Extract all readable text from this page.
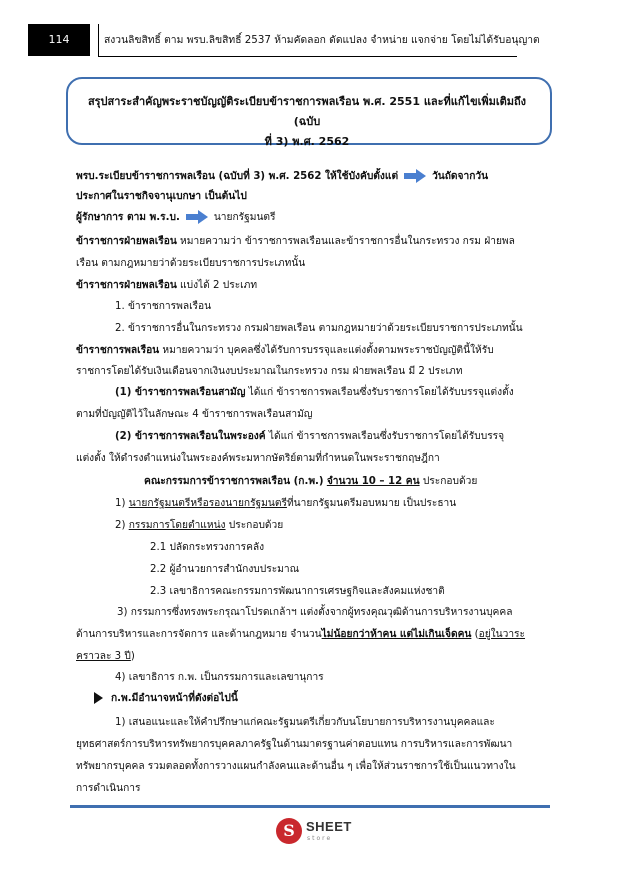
114	สงวนลิขสิทธิ์ ตาม พรบ.ลิขสิทธิ์ 2537 ห้ามคัดลอก ดัดแปลง จำหน่าย แจกจ่าย โดยไม่ได้รับอนุญาต
สรุปสาระสำคัญพระราชบัญญัติระเบียบข้าราชการพลเรือน พ.ศ. 2551 และที่แก้ไขเพิ่มเติมถึง (ฉบับ
ที่ 3) พ.ศ. 2562
พรบ.ระเบียบข้าราชการพลเรือน (ฉบับที่ 3) พ.ศ. 2562 ให้ใช้บังคับตั้งแต่	วันถัดจากวัน
ประกาศในราชกิจจานุเบกษา เป็นต้นไป
ผู้รักษาการ ตาม พ.ร.บ.	นายกรัฐมนตรี
ข้าราชการฝ่ายพลเรือน หมายความว่า ข้าราชการพลเรือนและข้าราชการอื่นในกระทรวง กรม ฝ่ายพล
เรือน ตามกฎหมายว่าด้วยระเบียบราชการประเภทนั้น
ข้าราชการฝ่ายพลเรือน แบ่งได้ 2 ประเภท
1. ข้าราชการพลเรือน
2. ข้าราชการอื่นในกระทรวง กรมฝ่ายพลเรือน ตามกฎหมายว่าด้วยระเบียบราชการประเภทนั้น
ข้าราชการพลเรือน หมายความว่า บุคคลซึ่งได้รับการบรรจุและแต่งตั้งตามพระราชบัญญัตินี้ให้รับ
ราชการโดยได้รับเงินเดือนจากเงินงบประมาณในกระทรวง กรม ฝ่ายพลเรือน มี 2 ประเภท
(1) ข้าราชการพลเรือนสามัญ ได้แก่ ข้าราชการพลเรือนซึ่งรับราชการโดยได้รับบรรจุแต่งตั้ง
ตามที่บัญญัติไว้ในลักษณะ 4 ข้าราชการพลเรือนสามัญ
(2) ข้าราชการพลเรือนในพระองค์ ได้แก่ ข้าราชการพลเรือนซึ่งรับราชการโดยได้รับบรรจุ
แต่งตั้ง ให้ดำรงตำแหน่งในพระองค์พระมหากษัตริย์ตามที่กำหนดในพระราชกฤษฎีกา
คณะกรรมการข้าราชการพลเรือน (ก.พ.) จำนวน 10 – 12 คน ประกอบด้วย
1) นายกรัฐมนตรีหรือรองนายกรัฐมนตรีที่นายกรัฐมนตรีมอบหมาย เป็นประธาน
2) กรรมการโดยตำแหน่ง ประกอบด้วย
2.1 ปลัดกระทรวงการคลัง
2.2 ผู้อำนวยการสำนักงบประมาณ
2.3 เลขาธิการคณะกรรมการพัฒนาการเศรษฐกิจและสังคมแห่งชาติ
3) กรรมการซึ่งทรงพระกรุณาโปรดเกล้าฯ แต่งตั้งจากผู้ทรงคุณวุฒิด้านการบริหารงานบุคคล
ด้านการบริหารและการจัดการ และด้านกฎหมาย จำนวนไม่น้อยกว่าห้าคน แต่ไม่เกินเจ็ดคน (อยู่ในวาระ
คราวละ 3 ปี)
4) เลขาธิการ ก.พ. เป็นกรรมการและเลขานุการ
ก.พ.มีอำนาจหน้าที่ดังต่อไปนี้
1) เสนอแนะและให้คำปรึกษาแก่คณะรัฐมนตรีเกี่ยวกับนโยบายการบริหารงานบุคคลและ
ยุทธศาสตร์การบริหารทรัพยากรบุคคลภาครัฐในด้านมาตรฐานค่าตอบแทน การบริหารและการพัฒนา
ทรัพยากรบุคคล รวมตลอดทั้งการวางแผนกำลังคนและด้านอื่น ๆ เพื่อให้ส่วนราชการใช้เป็นแนวทางใน
การดำเนินการ
S SHEET
store
